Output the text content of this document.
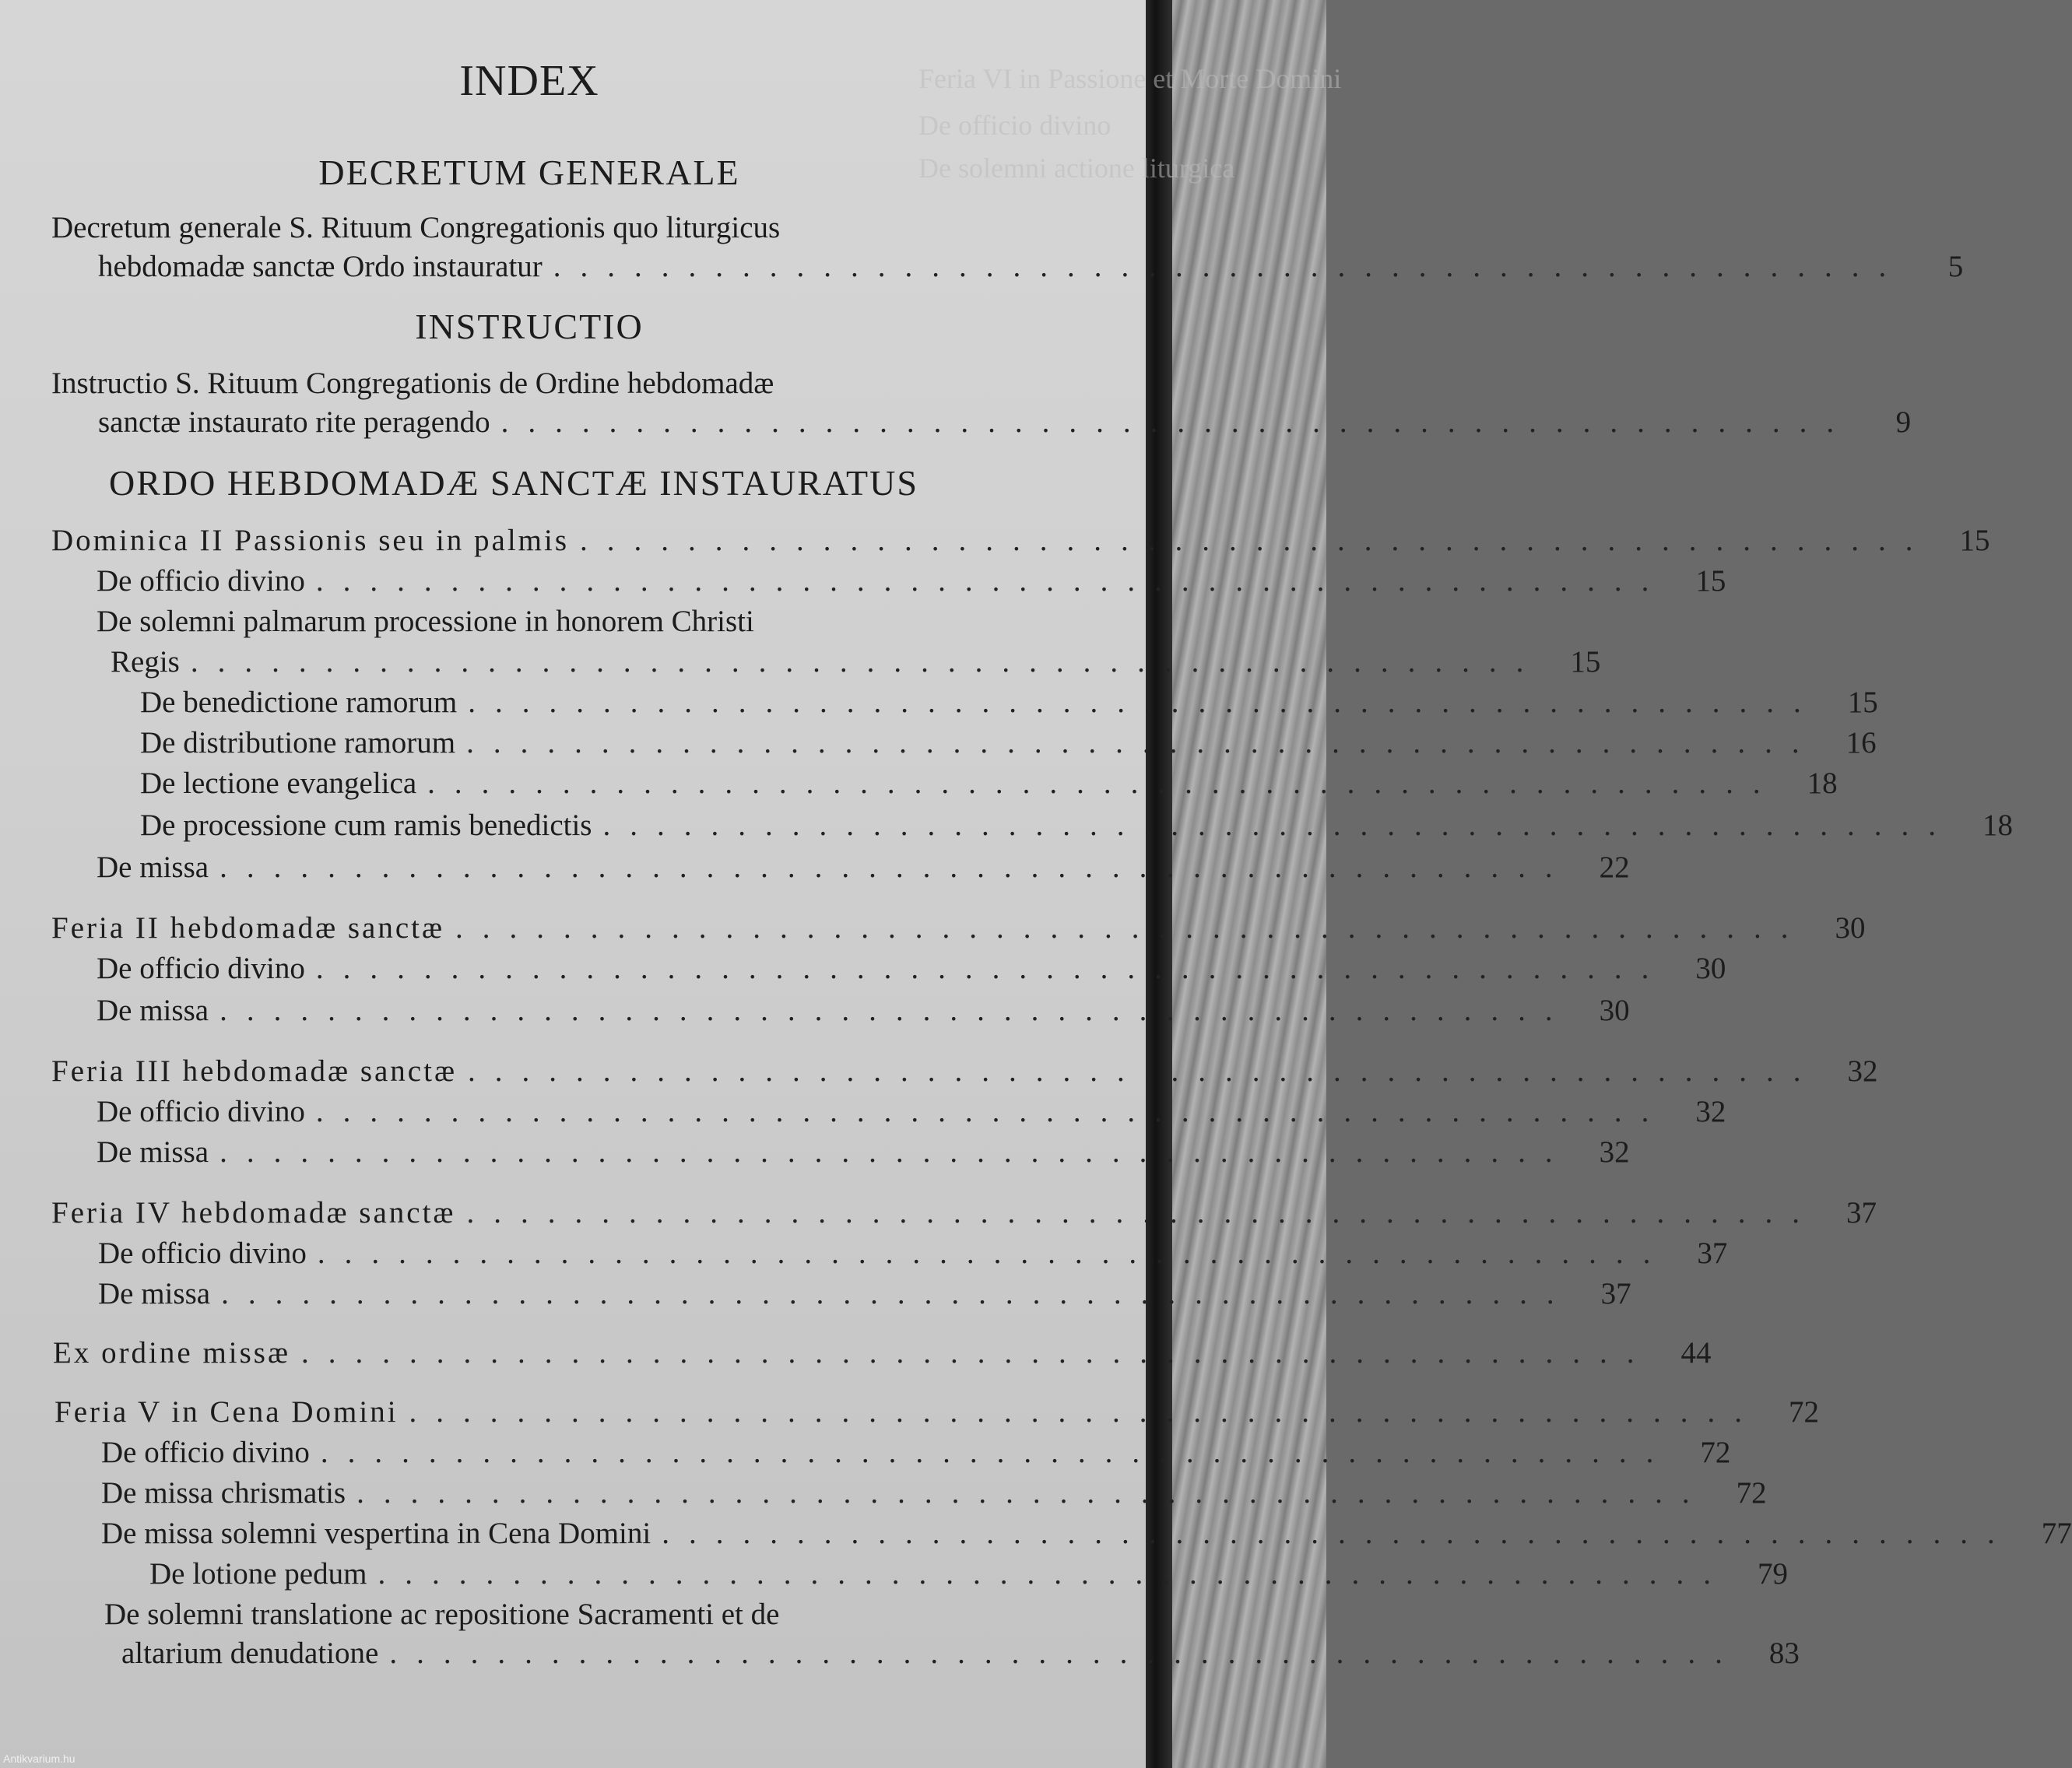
Feria VI in Passione et Morte Domini
De officio divino
De solemni actione liturgica
INDEX
DECRETUM GENERALE
Decretum generale S. Rituum Congregationis quo liturgicus
hebdomadæ sanctæ Ordo instauratur ..................................................	5
INSTRUCTIO
Instructio S. Rituum Congregationis de Ordine hebdomadæ
sanctæ instaurato rite peragendo ..................................................	9
ORDO HEBDOMADÆ SANCTÆ INSTAURATUS
Dominica II Passionis seu in palmis .................................................. 15
De officio divino .................................................. 15
De solemni palmarum processione in honorem Christi
Regis .................................................. 15
De benedictione ramorum .................................................. 15
De distributione ramorum .................................................. 16
De lectione evangelica .................................................. 18
De processione cum ramis benedictis .................................................. 18
De missa .................................................. 22
Feria II hebdomadæ sanctæ .................................................. 30
De officio divino .................................................. 30
De missa .................................................. 30
Feria III hebdomadæ sanctæ .................................................. 32
De officio divino .................................................. 32
De missa .................................................. 32
Feria IV hebdomadæ sanctæ .................................................. 37
De officio divino .................................................. 37
De missa .................................................. 37
Ex ordine missæ .................................................. 44
Feria V in Cena Domini .................................................. 72
De officio divino .................................................. 72
De missa chrismatis .................................................. 72
De missa solemni vespertina in Cena Domini .................................................. 77
De lotione pedum .................................................. 79
De solemni translatione ac repositione Sacramenti et de
altarium denudatione .................................................. 83
Antikvarium.hu
